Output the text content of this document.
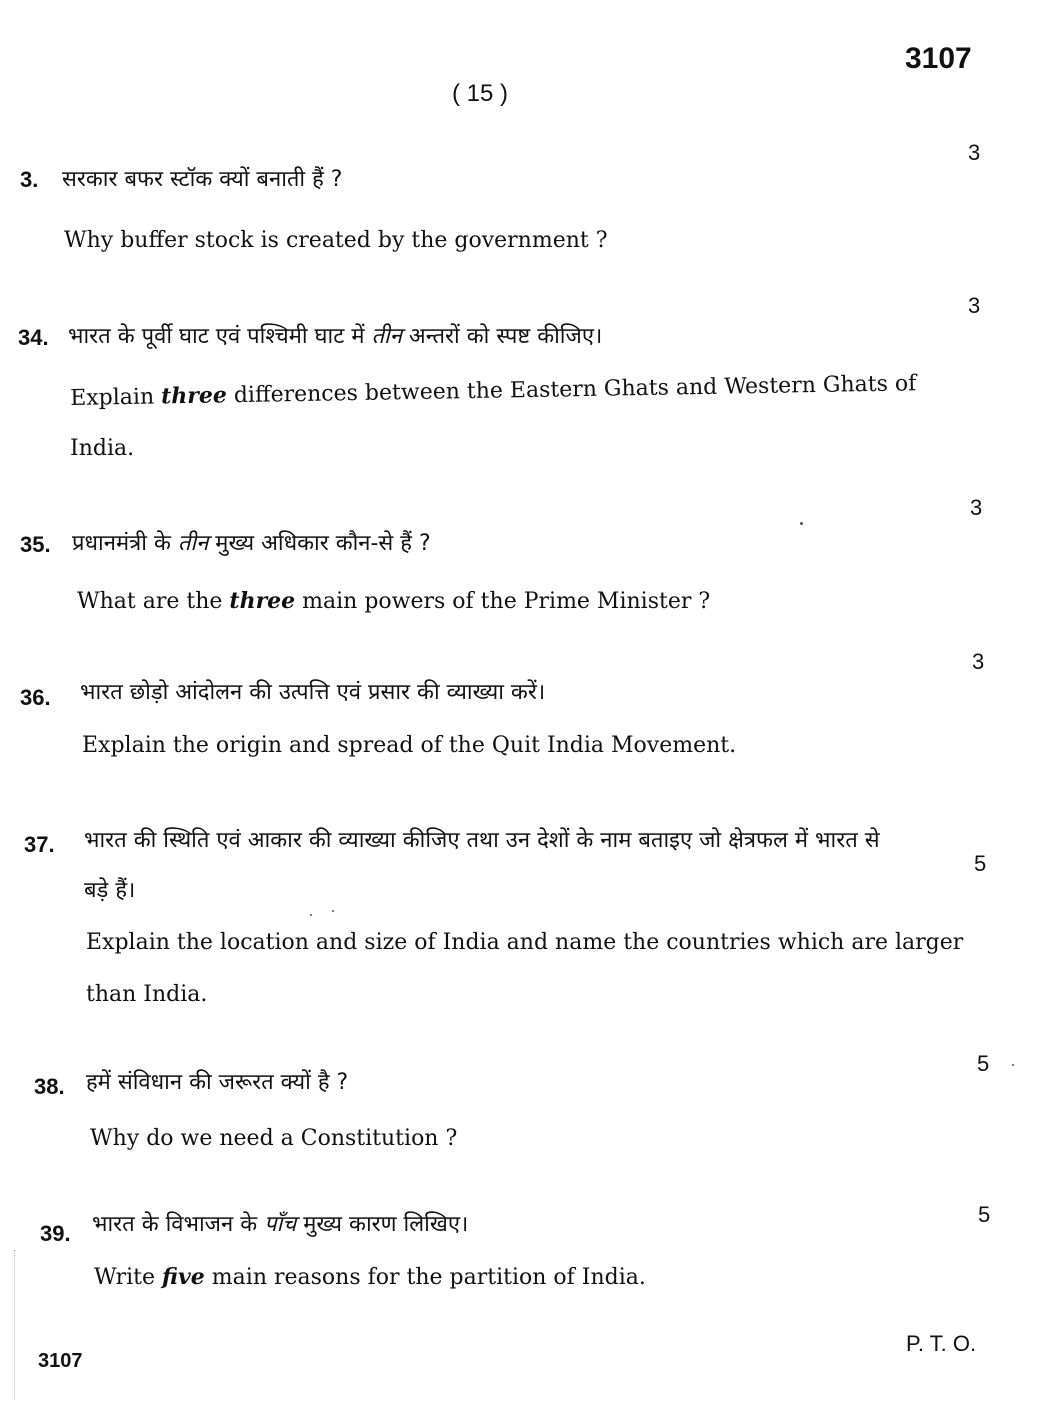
3107
( 15 )
3
3. सरकार बफर स्टॉक क्यों बनाती हैं ?
Why buffer stock is created by the government ?
3
34. भारत के पूर्वी घाट एवं पश्चिमी घाट में तीन अन्तरों को स्पष्ट कीजिए।
Explain three differences between the Eastern Ghats and Western Ghats of
India.
3
35. प्रधानमंत्री के तीन मुख्य अधिकार कौन-से हैं ?
What are the three main powers of the Prime Minister ?
3
36. भारत छोड़ो आंदोलन की उत्पत्ति एवं प्रसार की व्याख्या करें।
Explain the origin and spread of the Quit India Movement.
37. भारत की स्थिति एवं आकार की व्याख्या कीजिए तथा उन देशों के नाम बताइए जो क्षेत्रफल में भारत से
5
बड़े हैं।
Explain the location and size of India and name the countries which are larger
than India.
5
38. हमें संविधान की जरूरत क्यों है ?
Why do we need a Constitution ?
5
39. भारत के विभाजन के पाँच मुख्य कारण लिखिए।
Write five main reasons for the partition of India.
3107
P. T. O.
